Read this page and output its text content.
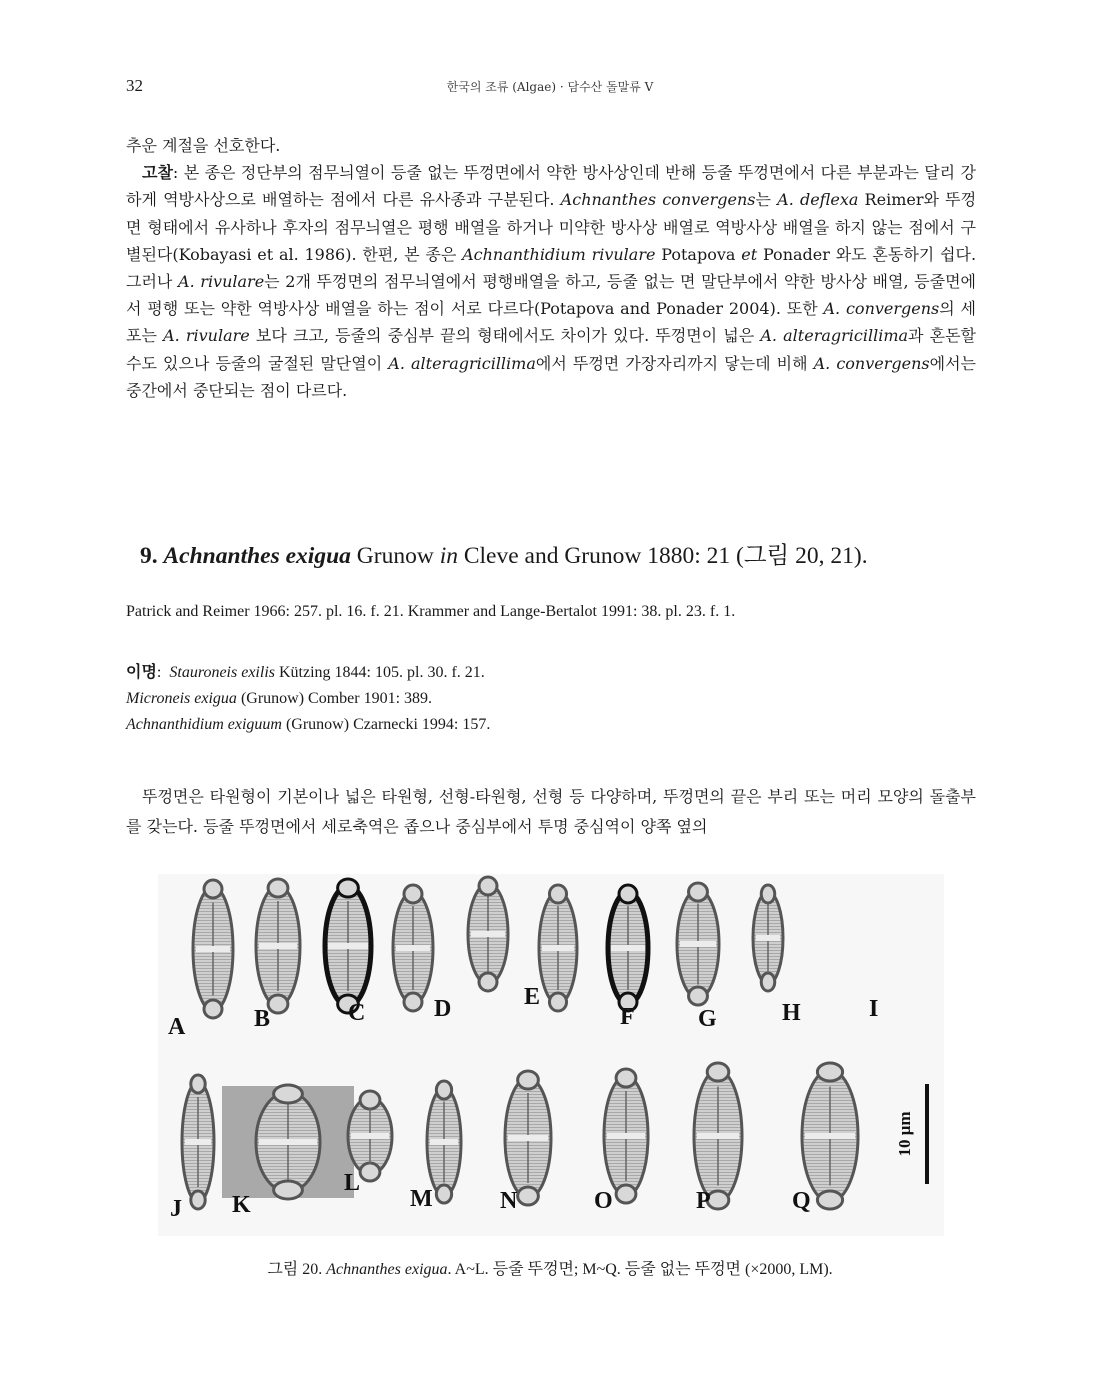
32	한국의 조류 (Algae) · 담수산 돌말류 V
추운 계절을 선호한다.
고찰: 본 종은 정단부의 점무늬열이 등줄 없는 뚜껑면에서 약한 방사상인데 반해 등줄 뚜껑면에서 다른 부분과는 달리 강하게 역방사상으로 배열하는 점에서 다른 유사종과 구분된다. Achnanthes convergens는 A. deflexa Reimer와 뚜껑면 형태에서 유사하나 후자의 점무늬열은 평행 배열을 하거나 미약한 방사상 배열로 역방사상 배열을 하지 않는 점에서 구별된다(Kobayasi et al. 1986). 한편, 본 종은 Achnanthidium rivulare Potapova et Ponader 와도 혼동하기 쉽다. 그러나 A. rivulare는 2개 뚜껑면의 점무늬열에서 평행배열을 하고, 등줄 없는 면 말단부에서 약한 방사상 배열, 등줄면에서 평행 또는 약한 역방사상 배열을 하는 점이 서로 다르다(Potapova and Ponader 2004). 또한 A. convergens의 세포는 A. rivulare 보다 크고, 등줄의 중심부 끝의 형태에서도 차이가 있다. 뚜껑면이 넓은 A. alteragricillima과 혼돈할 수도 있으나 등줄의 굴절된 말단열이 A. alteragricillima에서 뚜껑면 가장자리까지 닿는데 비해 A. convergens에서는 중간에서 중단되는 점이 다르다.
9. Achnanthes exigua Grunow in Cleve and Grunow 1880: 21 (그림 20, 21).
Patrick and Reimer 1966: 257. pl. 16. f. 21. Krammer and Lange-Bertalot 1991: 38. pl. 23. f. 1.
이명:  Stauroneis exilis Kützing 1844: 105. pl. 30. f. 21.
Microneis exigua (Grunow) Comber 1901: 389.
Achnanthidium exiguum (Grunow) Czarnecki 1994: 157.

뚜껑면은 타원형이 기본이나 넓은 타원형, 선형-타원형, 선형 등 다양하며, 뚜껑면의 끝은 부리 또는 머리 모양의 돌출부를 갖는다. 등줄 뚜껑면에서 세로축역은 좁으나 중심부에서 투명 중심역이 양쪽 옆의

A	B	C	D	E
F	G	H	I
J K
L
M	N	O	P	Q
10 μm
그림 20. Achnanthes exigua. A~L. 등줄 뚜껑면; M~Q. 등줄 없는 뚜껑면 (×2000, LM).
